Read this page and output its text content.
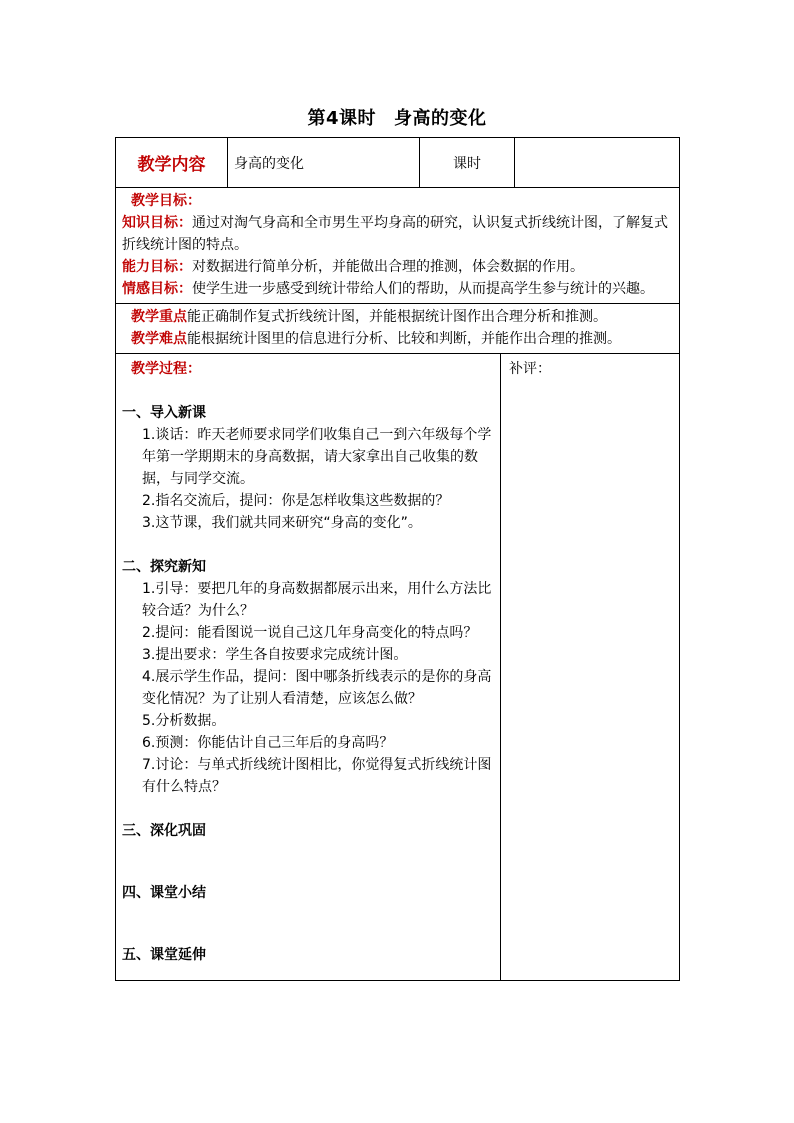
第4课时 身高的变化
教学内容	身高的变化	课时
教学目标：
知识目标：通过对淘气身高和全市男生平均身高的研究，认识复式折线统计图，了解复式折线统计图的特点。
能力目标：对数据进行简单分析，并能做出合理的推测，体会数据的作用。
情感目标：使学生进一步感受到统计带给人们的帮助，从而提高学生参与统计的兴趣。
教学重点能正确制作复式折线统计图，并能根据统计图作出合理分析和推测。
教学难点能根据统计图里的信息进行分析、比较和判断，并能作出合理的推测。
教学过程：
一、导入新课
1.谈话：昨天老师要求同学们收集自己一到六年级每个学年第一学期期末的身高数据，请大家拿出自己收集的数据，与同学交流。
2.指名交流后，提问：你是怎样收集这些数据的？
3.这节课，我们就共同来研究“身高的变化”。
二、探究新知
1.引导：要把几年的身高数据都展示出来，用什么方法比较合适？为什么？
2.提问：能看图说一说自己这几年身高变化的特点吗？
3.提出要求：学生各自按要求完成统计图。
4.展示学生作品，提问：图中哪条折线表示的是你的身高变化情况？为了让别人看清楚，应该怎么做？
5.分析数据。
6.预测：你能估计自己三年后的身高吗？
7.讨论：与单式折线统计图相比，你觉得复式折线统计图有什么特点？
三、深化巩固
四、课堂小结
五、课堂延伸
补评：
